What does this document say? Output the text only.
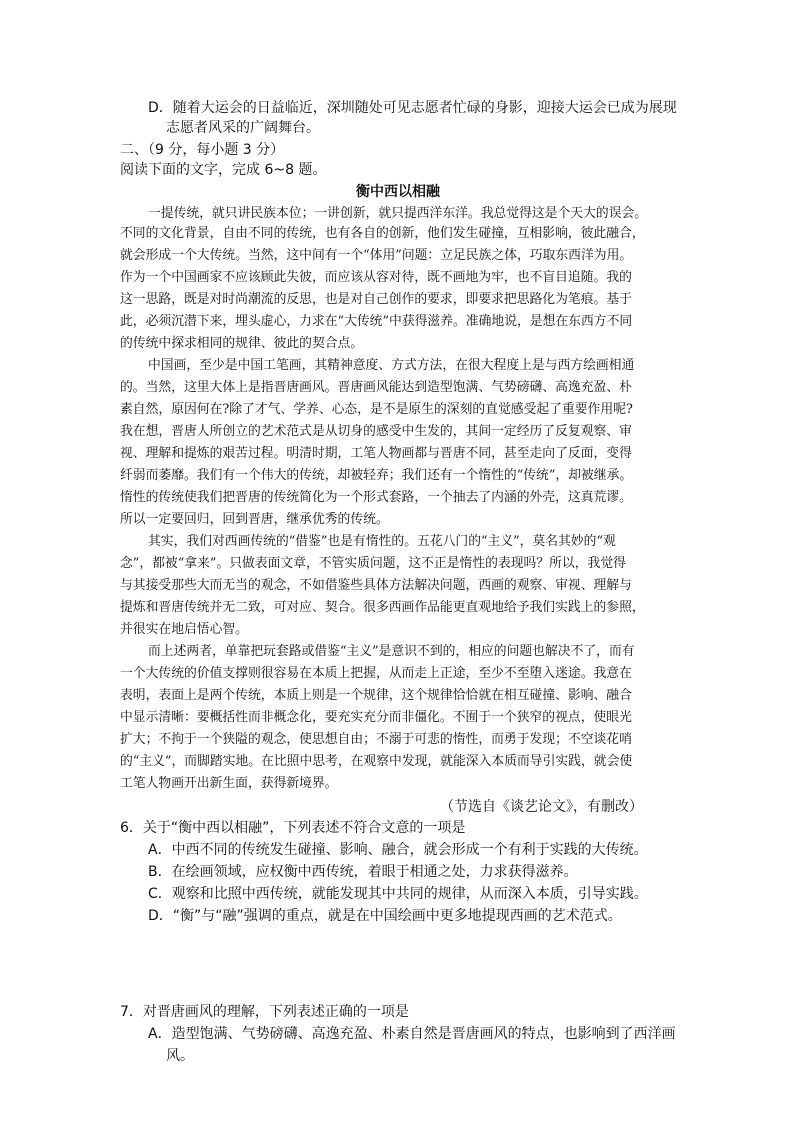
D．随着大运会的日益临近，深圳随处可见志愿者忙碌的身影，迎接大运会已成为展现
志愿者风采的广阔舞台。
二、（9 分，每小题 3 分）
阅读下面的文字，完成 6~8 题。
衡中西以相融
一提传统，就只讲民族本位；一讲创新，就只提西洋东洋。我总觉得这是个天大的误会。
不同的文化背景，自由不同的传统，也有各自的创新，他们发生碰撞，互相影响，彼此融合，
就会形成一个大传统。当然，这中间有一个“体用”问题：立足民族之体，巧取东西洋为用。
作为一个中国画家不应该顾此失彼，而应该从容对待，既不画地为牢，也不盲目追随。我的
这一思路，既是对时尚潮流的反思，也是对自己创作的要求，即要求把思路化为笔痕。基于
此，必须沉潜下来，埋头虚心，力求在“大传统”中获得滋养。准确地说，是想在东西方不同
的传统中探求相同的规律、彼此的契合点。
中国画，至少是中国工笔画，其精神意度、方式方法，在很大程度上是与西方绘画相通
的。当然，这里大体上是指晋唐画风。晋唐画风能达到造型饱满、气势磅礴、高逸充盈、朴
素自然，原因何在?除了才气、学养、心态，是不是原生的深刻的直觉感受起了重要作用呢?
我在想，晋唐人所创立的艺术范式是从切身的感受中生发的，其间一定经历了反复观察、审
视、理解和提炼的艰苦过程。明清时期，工笔人物画都与晋唐不同，甚至走向了反面，变得
纤弱而萎靡。我们有一个伟大的传统，却被轻弃；我们还有一个惰性的“传统”，却被继承。
惰性的传统使我们把晋唐的传统简化为一个形式套路，一个抽去了内涵的外壳，这真荒谬。
所以一定要回归，回到晋唐，继承优秀的传统。
其实，我们对西画传统的“借鉴”也是有惰性的。五花八门的“主义”，莫名其妙的“观
念”，都被“拿来”。只做表面文章，不管实质问题，这不正是惰性的表现吗？所以，我觉得
与其接受那些大而无当的观念，不如借鉴些具体方法解决问题，西画的观察、审视、理解与
提炼和晋唐传统并无二致，可对应、契合。很多西画作品能更直观地给予我们实践上的参照，
并很实在地启悟心智。
而上述两者，单靠把玩套路或借鉴“主义”是意识不到的，相应的问题也解决不了，而有
一个大传统的价值支撑则很容易在本质上把握，从而走上正途，至少不至堕入迷途。我意在
表明，表面上是两个传统，本质上则是一个规律，这个规律恰恰就在相互碰撞、影响、融合
中显示清晰：要概括性而非概念化，要充实充分而非僵化。不囿于一个狭窄的视点，使眼光
扩大；不拘于一个狭隘的观念，使思想自由；不溺于可悲的惰性，而勇于发现；不空谈花哨
的“主义”，而脚踏实地。在比照中思考，在观察中发现，就能深入本质而导引实践，就会使
工笔人物画开出新生面，获得新境界。
（节选自《谈艺论文》，有删改）
6．关于“衡中西以相融”，下列表述不符合文意的一项是
A．中西不同的传统发生碰撞、影响、融合，就会形成一个有利于实践的大传统。
B．在绘画领域，应权衡中西传统，着眼于相通之处，力求获得滋养。
C．观察和比照中西传统，就能发现其中共同的规律，从而深入本质，引导实践。
D．“衡”与“融”强调的重点，就是在中国绘画中更多地提现西画的艺术范式。
7．对晋唐画风的理解，下列表述正确的一项是
A．造型饱满、气势磅礴、高逸充盈、朴素自然是晋唐画风的特点，也影响到了西洋画
风。
